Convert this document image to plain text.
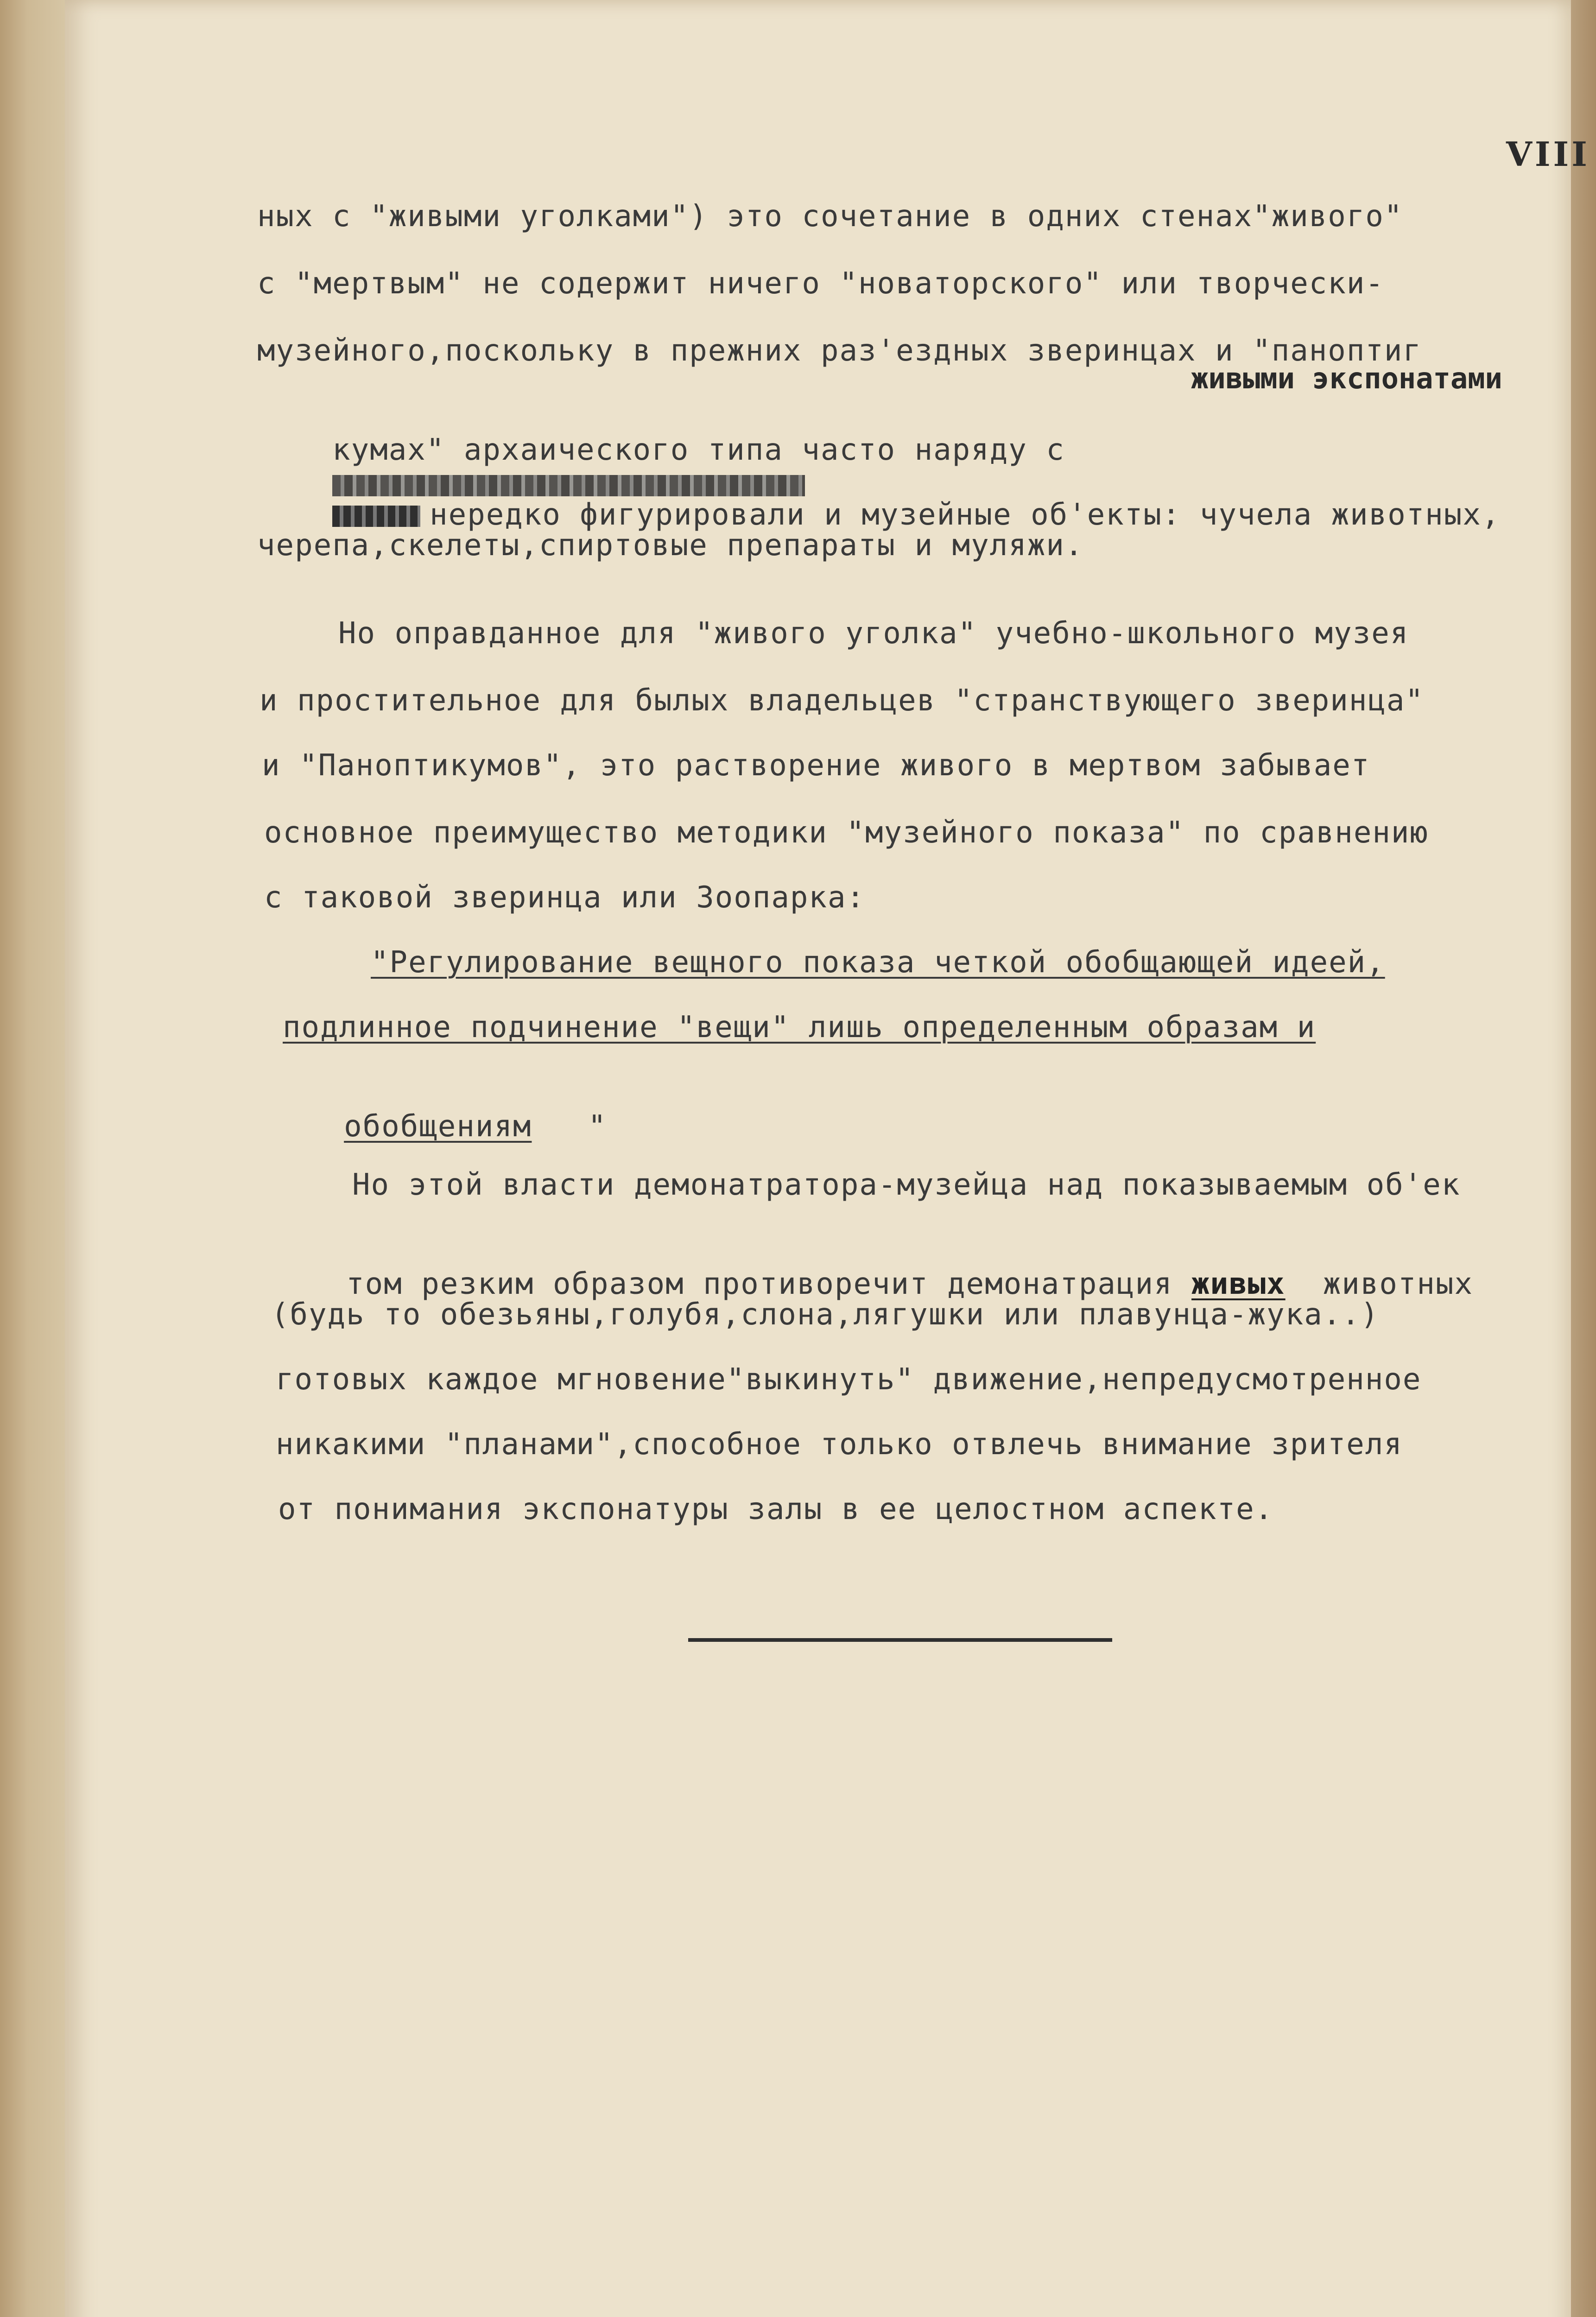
VIII
живыми экспонатами
ных с "живыми уголками") это сочетание в одних стенах"живого"
с "мертвым" не содержит ничего "новаторского" или творчески-
музейного,поскольку в прежних раз'ездных зверинцах и "паноптиг

кумах" архаического типа часто наряду с

нередко фигурировали и музейные об'екты: чучела животных,

черепа,скелеты,спиртовые препараты и муляжи.
Но оправданное для "живого уголка" учебно-школьного музея
и простительное для былых владельцев "странствующего зверинца"
и "Паноптикумов", это растворение живого в мертвом забывает
основное преимущество методики "музейного показа" по сравнению
с таковой зверинца или Зоопарка:
"Регулирование вещного показа четкой обобщающей идеей,
подлинное подчинение "вещи" лишь определенным образам и

обобщениям "

Но этой власти демонатратора-музейца над показываемым об'ек

том резким образом противоречит демонатрация живых животных

(будь то обезьяны,голубя,слона,лягушки или плавунца-жука..)
готовых каждое мгновение"выкинуть" движение,непредусмотренное
никакими "планами",способное только отвлечь внимание зрителя
от понимания экспонатуры залы в ее целостном аспекте.
